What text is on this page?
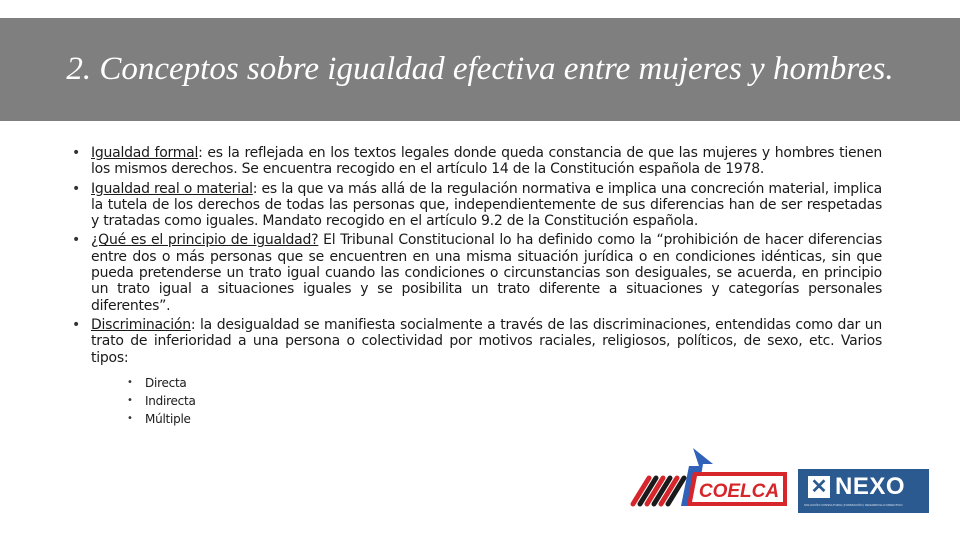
2. Conceptos sobre igualdad efectiva entre mujeres y hombres.
• Igualdad formal: es la reflejada en los textos legales donde queda constancia de que las mujeres y hombres tienen los mismos derechos. Se encuentra recogido en el artículo 14 de la Constitución española de 1978.
• Igualdad real o material: es la que va más allá de la regulación normativa e implica una concreción material, implica la tutela de los derechos de todas las personas que, independientemente de sus diferencias han de ser respetadas y tratadas como iguales. Mandato recogido en el artículo 9.2 de la Constitución española.
• ¿Qué es el principio de igualdad? El Tribunal Constitucional lo ha definido como la “prohibición de hacer diferencias entre dos o más personas que se encuentren en una misma situación jurídica o en condiciones idénticas, sin que pueda pretenderse un trato igual cuando las condiciones o circunstancias son desiguales, se acuerda, en principio un trato igual a situaciones iguales y se posibilita un trato diferente a situaciones y categorías personales diferentes”.
• Discriminación: la desigualdad se manifiesta socialmente a través de las discriminaciones, entendidas como dar un trato de inferioridad a una persona o colectividad por motivos raciales, religiosos, políticos, de sexo, etc. Varios tipos:
• Directa
• Indirecta
• Múltiple
COELCA ✕ NEXO
SOLUCIÓN CONSULTORIA | FORMACIÓN | DESARROLLO DIRECTIVO
